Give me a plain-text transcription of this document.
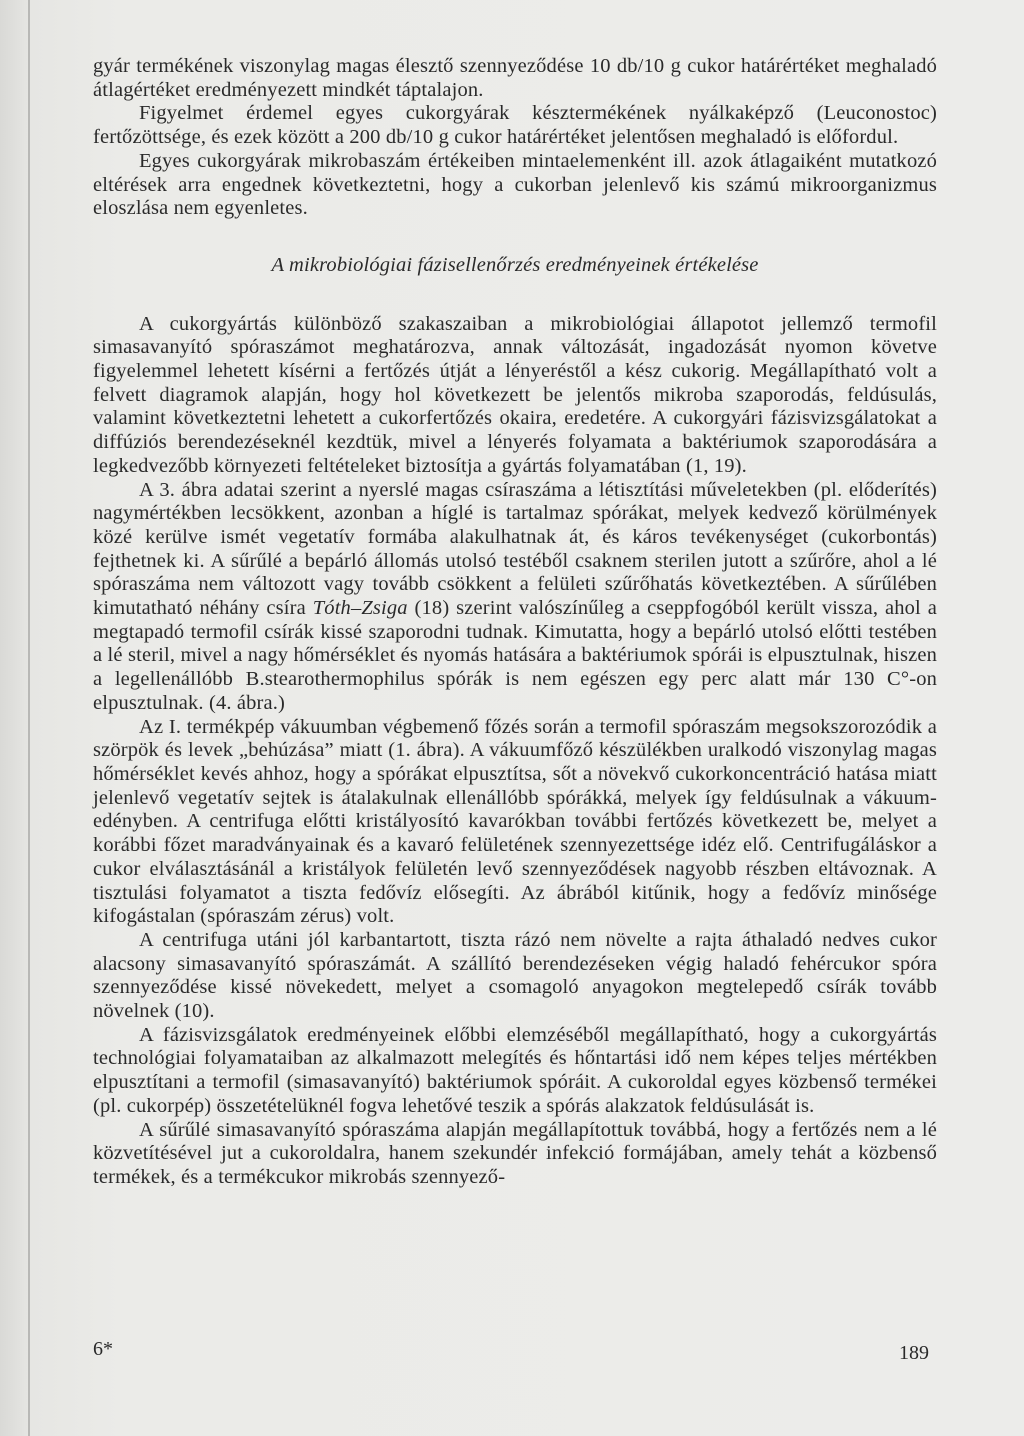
gyár termékének viszonylag magas élesztő szennyeződése 10 db/10 g cukor határértéket meghaladó átlagértéket eredményezett mindkét táptalajon.

Figyelmet érdemel egyes cukorgyárak késztermékének nyálkaképző (Leuconostoc) fertőzöttsége, és ezek között a 200 db/10 g cukor határértéket jelentősen meghaladó is előfordul.

Egyes cukorgyárak mikrobaszám értékeiben mintaelemenként ill. azok átlagaiként mutatkozó eltérések arra engednek következtetni, hogy a cukorban jelenlevő kis számú mikroorganizmus eloszlása nem egyenletes.

A mikrobiológiai fázisellenőrzés eredményeinek értékelése

A cukorgyártás különböző szakaszaiban a mikrobiológiai állapotot jellemző termofil simasavanyító spóraszámot meghatározva, annak változását, ingadozását nyomon követve figyelemmel lehetett kísérni a fertőzés útját a lényeréstől a kész cukorig. Megállapítható volt a felvett diagramok alapján, hogy hol következett be jelentős mikroba szaporodás, feldúsulás, valamint következtetni lehetett a cukorfertőzés okaira, eredetére. A cukorgyári fázisvizsgálatokat a diffúziós berendezéseknél kezdtük, mivel a lényerés folyamata a baktériumok szaporodására a legkedvezőbb környezeti feltételeket biztosítja a gyártás folyamatában (1, 19).

A 3. ábra adatai szerint a nyerslé magas csíraszáma a létisztítási műveletekben (pl. előderítés) nagymértékben lecsökkent, azonban a híglé is tartalmaz spórákat, melyek kedvező körülmények közé kerülve ismét vegetatív formába alakulhatnak át, és káros tevékenységet (cukorbontás) fejthetnek ki. A sűrűlé a bepárló állomás utolsó testéből csaknem sterilen jutott a szűrőre, ahol a lé spóraszáma nem változott vagy tovább csökkent a felületi szűrőhatás következtében. A sűrűlében kimutatható néhány csíra Tóth–Zsiga (18) szerint valószínűleg a cseppfogóból került vissza, ahol a megtapadó termofil csírák kissé szaporodni tudnak. Kimutatta, hogy a bepárló utolsó előtti testében a lé steril, mivel a nagy hőmérséklet és nyomás hatására a baktériumok spórái is elpusztulnak, hiszen a legellenállóbb B.stearothermophilus spórák is nem egészen egy perc alatt már 130 C°-on elpusztulnak. (4. ábra.)

Az I. termékpép vákuumban végbemenő főzés során a termofil spóraszám megsokszorozódik a szörpök és levek „behúzása” miatt (1. ábra). A vákuumfőző készülékben uralkodó viszonylag magas hőmérséklet kevés ahhoz, hogy a spórákat elpusztítsa, sőt a növekvő cukorkoncentráció hatása miatt jelenlevő vegetatív sejtek is átalakulnak ellenállóbb spórákká, melyek így feldúsulnak a vákuum-edényben. A centrifuga előtti kristályosító kavarókban további fertőzés következett be, melyet a korábbi főzet maradványainak és a kavaró felületének szennyezettsége idéz elő. Centrifugáláskor a cukor elválasztásánál a kristályok felületén levő szennyeződések nagyobb részben eltávoznak. A tisztulási folyamatot a tiszta fedővíz elősegíti. Az ábrából kitűnik, hogy a fedővíz minősége kifogástalan (spóraszám zérus) volt.

A centrifuga utáni jól karbantartott, tiszta rázó nem növelte a rajta áthaladó nedves cukor alacsony simasavanyító spóraszámát. A szállító berendezéseken végig haladó fehércukor spóra szennyeződése kissé növekedett, melyet a csomagoló anyagokon megtelepedő csírák tovább növelnek (10).

A fázisvizsgálatok eredményeinek előbbi elemzéséből megállapítható, hogy a cukorgyártás technológiai folyamataiban az alkalmazott melegítés és hőntartási idő nem képes teljes mértékben elpusztítani a termofil (simasavanyító) baktériumok spóráit. A cukoroldal egyes közbenső termékei (pl. cukorpép) összetételüknél fogva lehetővé teszik a spórás alakzatok feldúsulását is.

A sűrűlé simasavanyító spóraszáma alapján megállapítottuk továbbá, hogy a fertőzés nem a lé közvetítésével jut a cukoroldalra, hanem szekundér infekció formájában, amely tehát a közbenső termékek, és a termékcukor mikrobás szennyező-

6*	189
